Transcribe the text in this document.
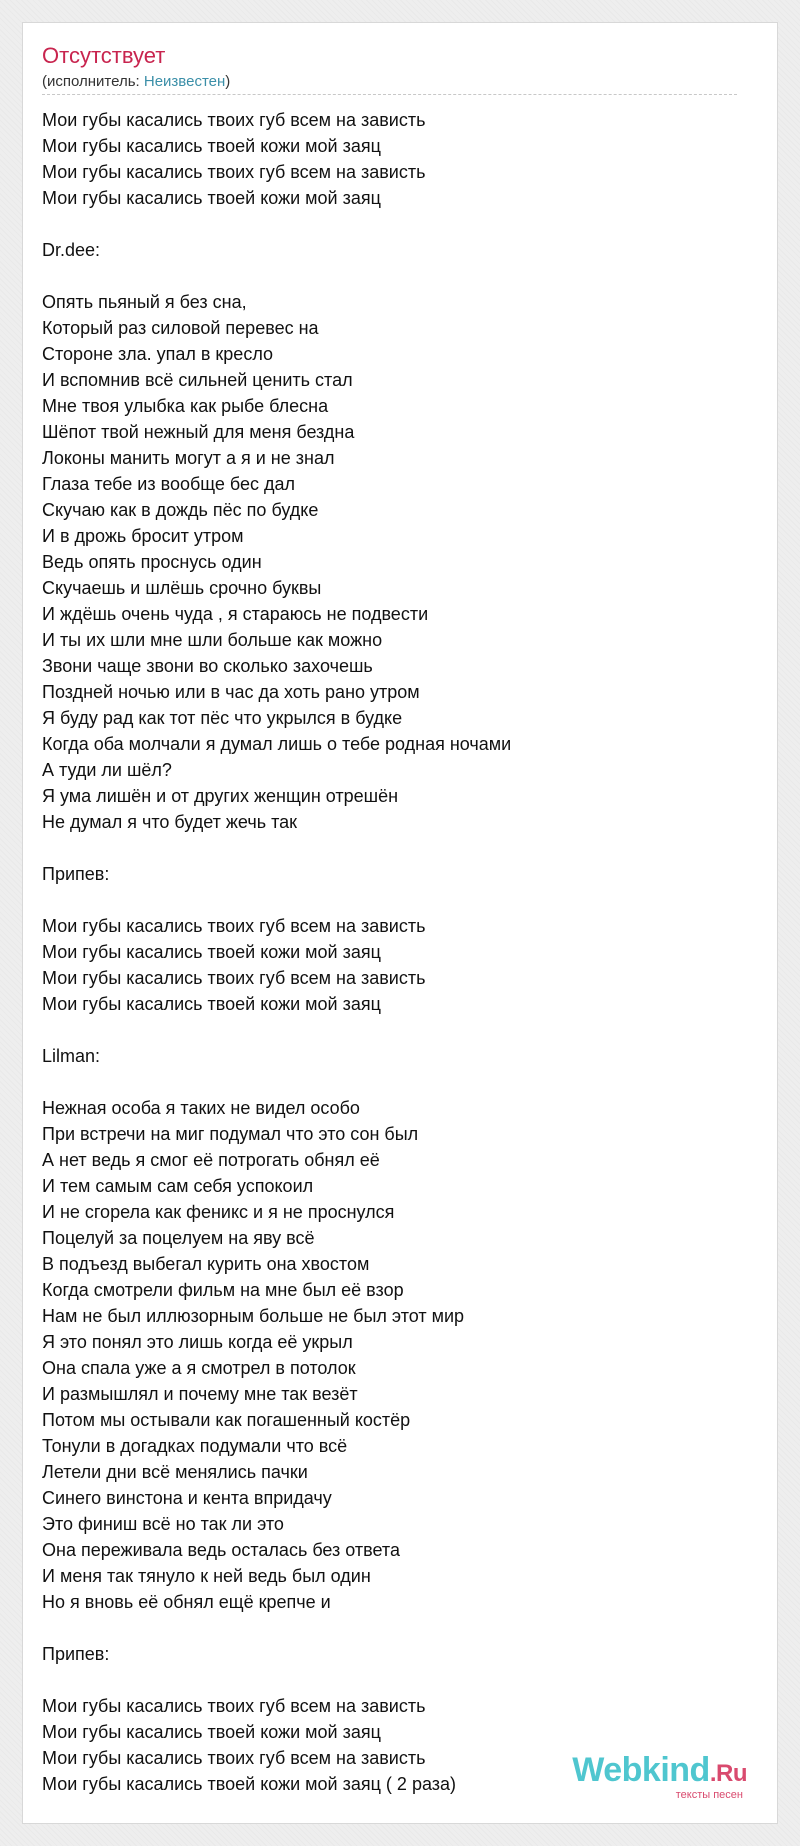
Отсутствует
(исполнитель: Неизвестен)
Мои губы касались твоих губ всем на зависть
Мои губы касались твоей кожи мой заяц
Мои губы касались твоих губ всем на зависть
Мои губы касались твоей кожи мой заяц
Dr.dee:
Опять пьяный я без сна,
Который раз силовой перевес на
Стороне зла. упал в кресло
И вспомнив всё сильней ценить стал
Мне твоя улыбка как рыбе блесна
Шёпот твой нежный для меня бездна
Локоны манить могут а я и не знал
Глаза тебе из вообще бес дал
Скучаю как в дождь пёс по будке
И в дрожь бросит утром
Ведь опять проснусь один
Скучаешь и шлёшь срочно буквы
И ждёшь очень чуда , я стараюсь не подвести
И ты их шли мне шли больше как можно
Звони чаще звони во сколько захочешь
Поздней ночью или в час да хоть рано утром
Я буду рад как тот пёс что укрылся в будке
Когда оба молчали я думал лишь о тебе родная ночами
А туди ли шёл?
Я ума лишён и от других женщин отрешён
Не думал я что будет жечь так
Припев:
Мои губы касались твоих губ всем на зависть
Мои губы касались твоей кожи мой заяц
Мои губы касались твоих губ всем на зависть
Мои губы касались твоей кожи мой заяц
Lilman:
Нежная особа я таких не видел особо
При встречи на миг подумал что это сон был
А нет ведь я смог её потрогать обнял её
И тем самым сам себя успокоил
И не сгорела как феникс и я не проснулся
Поцелуй за поцелуем на яву всё
В подъезд выбегал курить она хвостом
Когда смотрели фильм на мне был её взор
Нам не был иллюзорным больше не был этот мир
Я это понял это лишь когда её укрыл
Она спала уже а я смотрел в потолок
И размышлял и почему мне так везёт
Потом мы остывали как погашенный костёр
Тонули в догадках подумали что всё
Летели дни всё менялись пачки
Синего винстона и кента впридачу
Это финиш всё но так ли это
Она переживала ведь осталась без ответа
И меня так тянуло к ней ведь был один
Но я вновь её обнял ещё крепче и
Припев:
Мои губы касались твоих губ всем на зависть
Мои губы касались твоей кожи мой заяц
Мои губы касались твоих губ всем на зависть
Мои губы касались твоей кожи мой заяц ( 2 раза)	Webkind.Ru
тексты песен
